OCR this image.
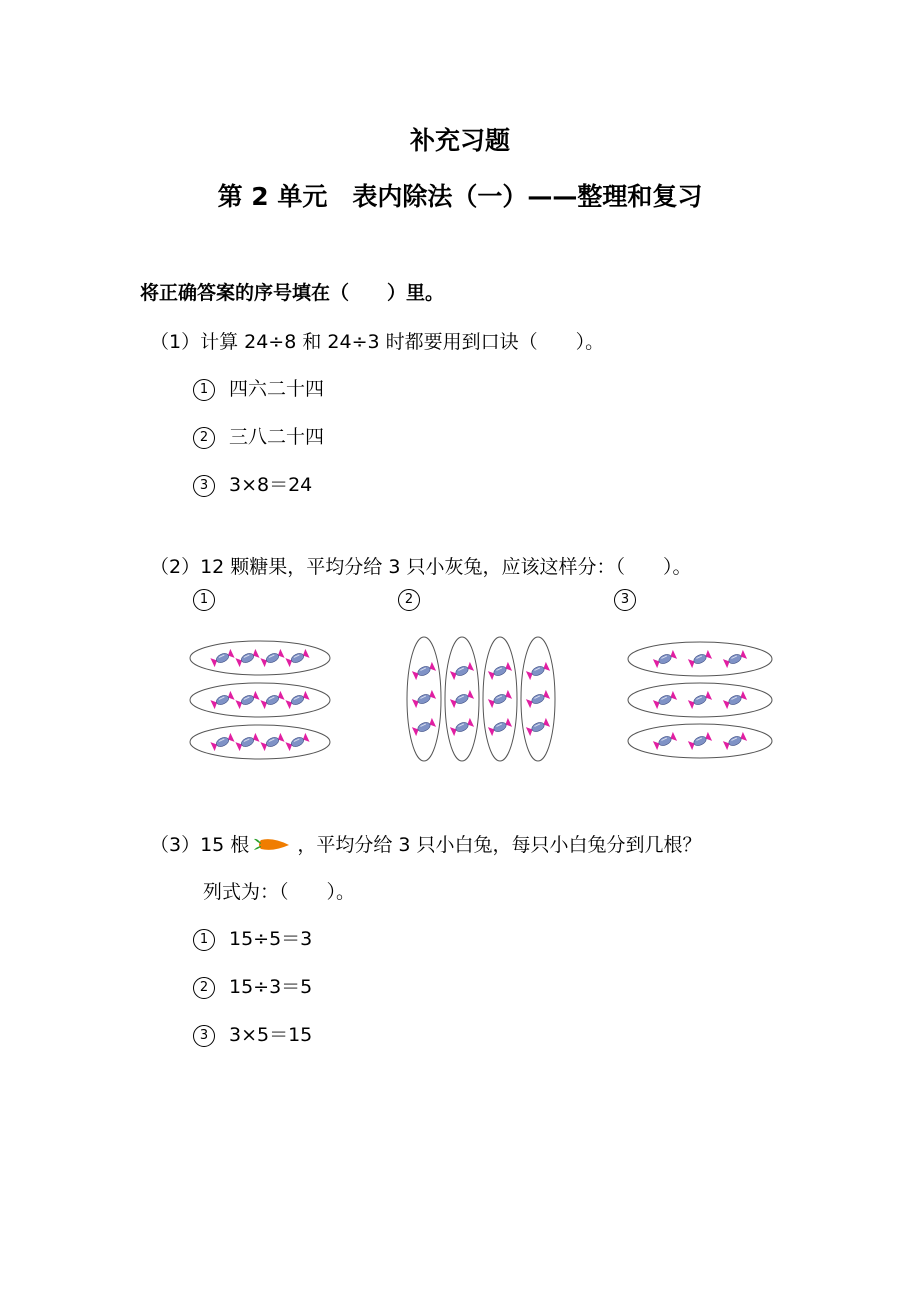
补充习题
第 2 单元　表内除法（一）——整理和复习
将正确答案的序号填在（　　）里。
（1）计算 24÷8 和 24÷3 时都要用到口诀（　　）。
1 四六二十四
2 三八二十四
3 3×8＝24
（2）12 颗糖果，平均分给 3 只小灰兔，应该这样分：（　　）。
1	2	3
（3）15 根	，平均分给 3 只小白兔，每只小白兔分到几根？
列式为：（　　）。
1 15÷5＝3
2 15÷3＝5
3 3×5＝15
